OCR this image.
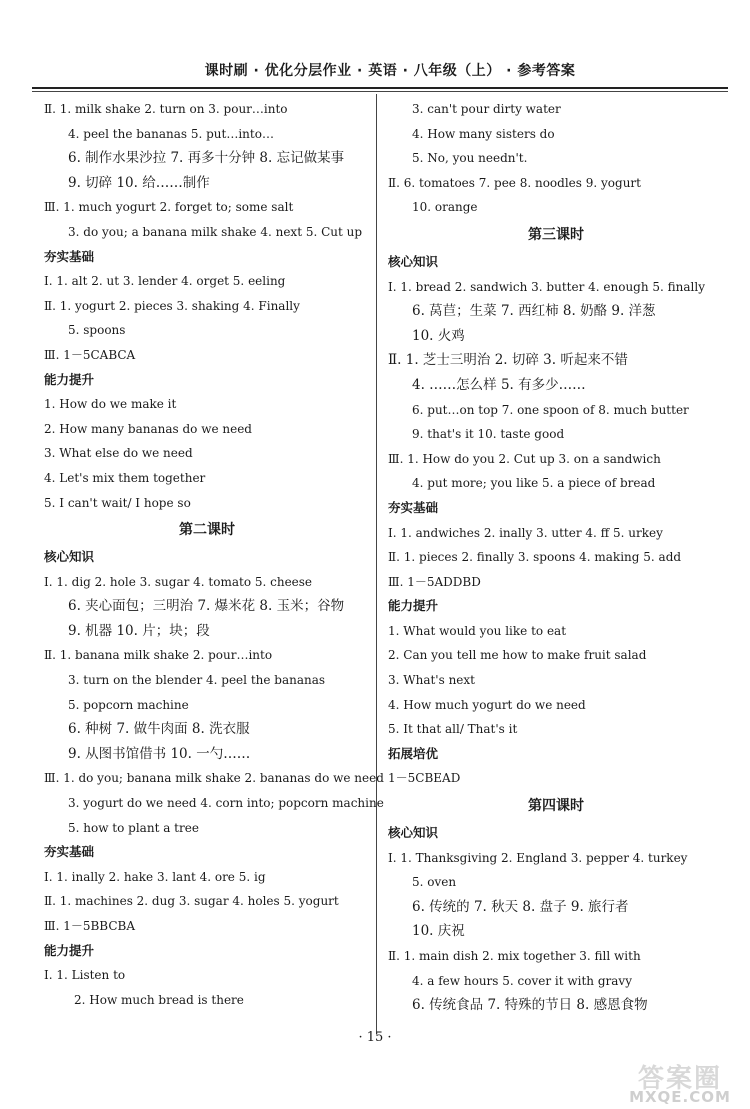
课时刷 · 优化分层作业 · 英语 · 八年级（上） · 参考答案
Ⅱ. 1. milk shake 2. turn on 3. pour…into
4. peel the bananas 5. put…into…
6. 制作水果沙拉 7. 再多十分钟 8. 忘记做某事
9. 切碎 10. 给……制作
Ⅲ. 1. much yogurt 2. forget to; some salt
3. do you; a banana milk shake 4. next 5. Cut up
夯实基础
Ⅰ. 1. alt 2. ut 3. lender 4. orget 5. eeling
Ⅱ. 1. yogurt 2. pieces 3. shaking 4. Finally
5. spoons
Ⅲ. 1－5CABCA
能力提升
1. How do we make it
2. How many bananas do we need
3. What else do we need
4. Let's mix them together
5. I can't wait/ I hope so
第二课时
核心知识
Ⅰ. 1. dig 2. hole 3. sugar 4. tomato 5. cheese
6. 夹心面包；三明治 7. 爆米花 8. 玉米；谷物
9. 机器 10. 片；块；段
Ⅱ. 1. banana milk shake 2. pour…into
3. turn on the blender 4. peel the bananas
5. popcorn machine
6. 种树 7. 做牛肉面 8. 洗衣服
9. 从图书馆借书 10. 一勺……
Ⅲ. 1. do you; banana milk shake 2. bananas do we need
3. yogurt do we need 4. corn into; popcorn machine
5. how to plant a tree
夯实基础
Ⅰ. 1. inally 2. hake 3. lant 4. ore 5. ig
Ⅱ. 1. machines 2. dug 3. sugar 4. holes 5. yogurt
Ⅲ. 1－5BBCBA
能力提升
Ⅰ. 1. Listen to
2. How much bread is there
3. can't pour dirty water
4. How many sisters do
5. No, you needn't.
Ⅱ. 6. tomatoes 7. pee 8. noodles 9. yogurt
10. orange
第三课时
核心知识
Ⅰ. 1. bread 2. sandwich 3. butter 4. enough 5. finally
6. 莴苣；生菜 7. 西红柿 8. 奶酪 9. 洋葱
10. 火鸡
Ⅱ. 1. 芝士三明治 2. 切碎 3. 听起来不错
4. ……怎么样 5. 有多少……
6. put…on top 7. one spoon of 8. much butter
9. that's it 10. taste good
Ⅲ. 1. How do you 2. Cut up 3. on a sandwich
4. put more; you like 5. a piece of bread
夯实基础
Ⅰ. 1. andwiches 2. inally 3. utter 4. ff 5. urkey
Ⅱ. 1. pieces 2. finally 3. spoons 4. making 5. add
Ⅲ. 1－5ADDBD
能力提升
1. What would you like to eat
2. Can you tell me how to make fruit salad
3. What's next
4. How much yogurt do we need
5. It that all/ That's it
拓展培优
1－5CBEAD
第四课时
核心知识
Ⅰ. 1. Thanksgiving 2. England 3. pepper 4. turkey
5. oven
6. 传统的 7. 秋天 8. 盘子 9. 旅行者
10. 庆祝
Ⅱ. 1. main dish 2. mix together 3. fill with
4. a few hours 5. cover it with gravy
6. 传统食品 7. 特殊的节日 8. 感恩食物
· 15 ·
答案圈
MXQE.COM
